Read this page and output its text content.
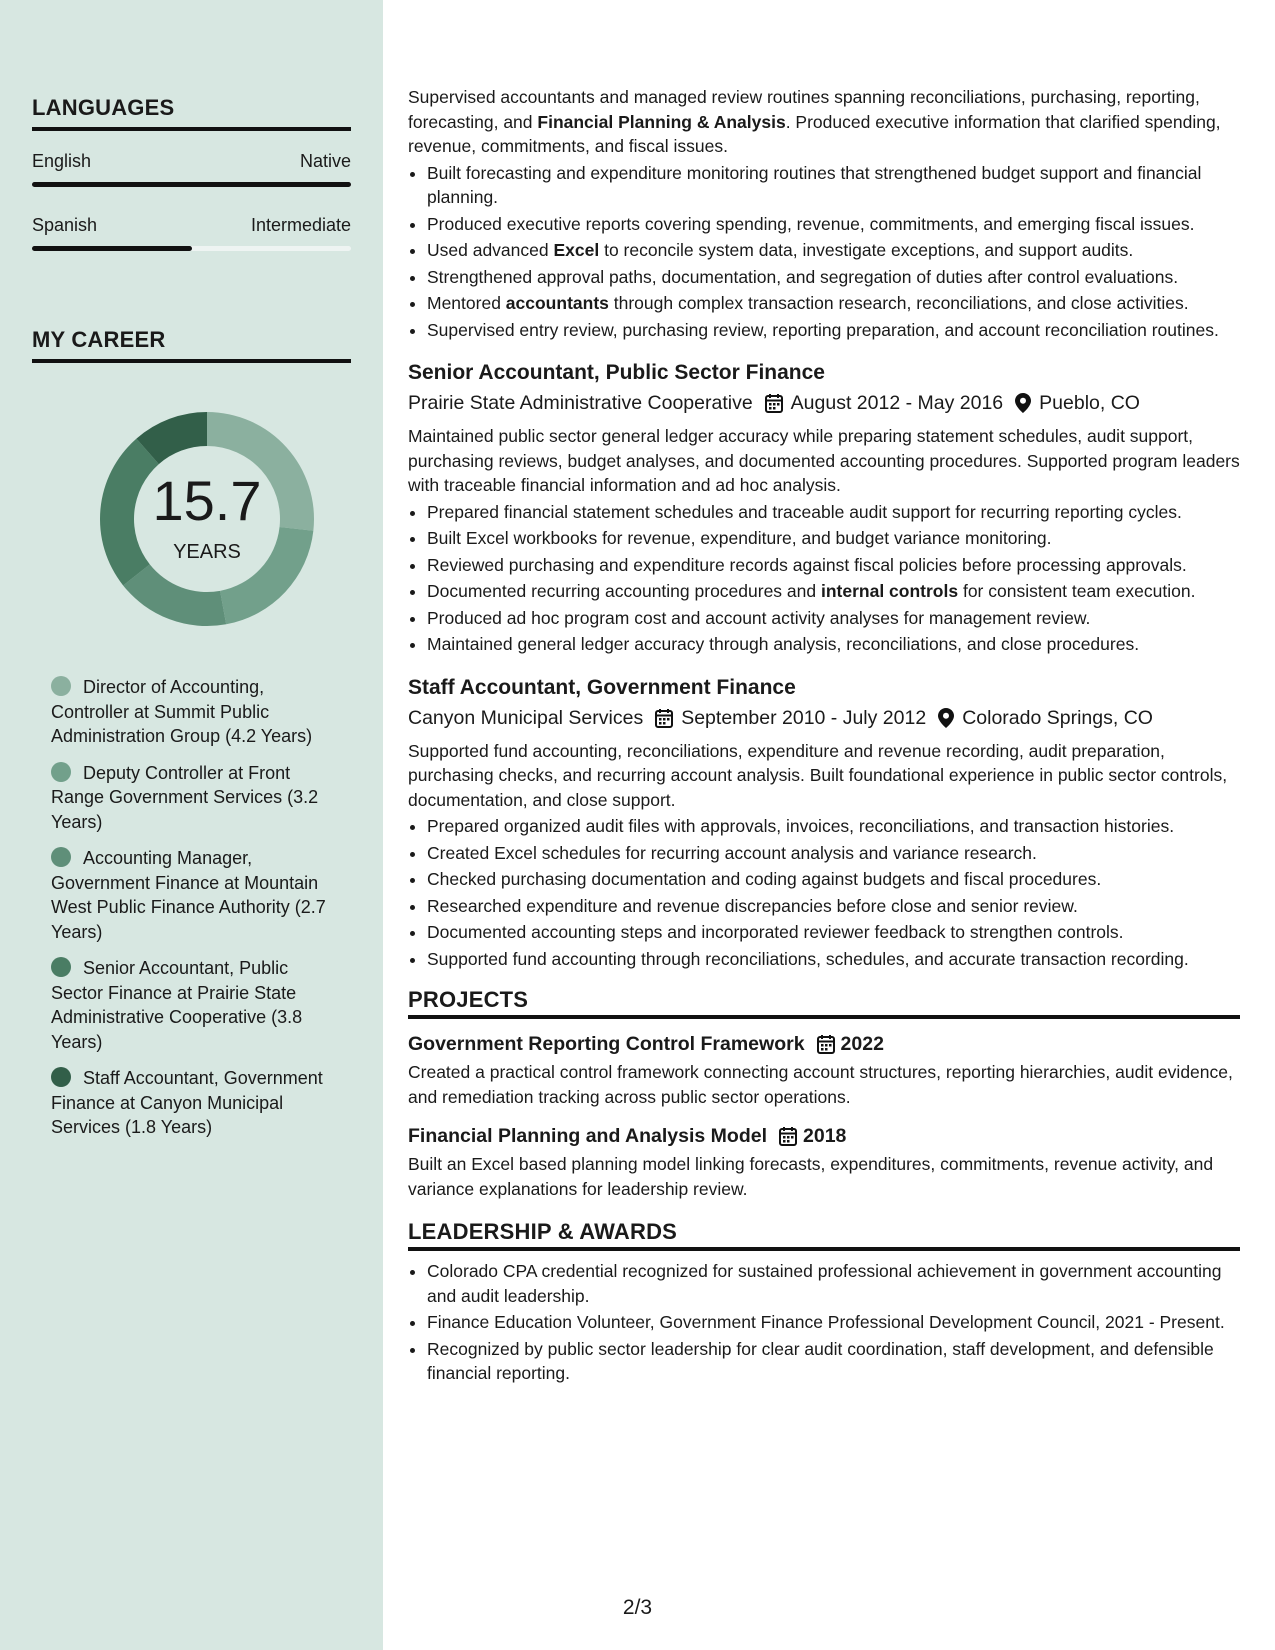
LANGUAGES
English	Native
Spanish	Intermediate
MY CAREER
15.7
YEARS
Director of Accounting, Controller at Summit Public Administration Group (4.2 Years)
Deputy Controller at Front Range Government Services (3.2 Years)
Accounting Manager, Government Finance at Mountain West Public Finance Authority (2.7 Years)
Senior Accountant, Public Sector Finance at Prairie State Administrative Cooperative (3.8 Years)
Staff Accountant, Government Finance at Canyon Municipal Services (1.8 Years)

Supervised accountants and managed review routines spanning reconciliations, purchasing, reporting, forecasting, and Financial Planning & Analysis. Produced executive information that clarified spending, revenue, commitments, and fiscal issues.

• Built forecasting and expenditure monitoring routines that strengthened budget support and financial planning.
• Produced executive reports covering spending, revenue, commitments, and emerging fiscal issues.
• Used advanced Excel to reconcile system data, investigate exceptions, and support audits.
• Strengthened approval paths, documentation, and segregation of duties after control evaluations.
• Mentored accountants through complex transaction research, reconciliations, and close activities.
• Supervised entry review, purchasing review, reporting preparation, and account reconciliation routines.
Senior Accountant, Public Sector Finance
Prairie State Administrative Cooperative August 2012 - May 2016 Pueblo, CO

Maintained public sector general ledger accuracy while preparing statement schedules, audit support, purchasing reviews, budget analyses, and documented accounting procedures. Supported program leaders with traceable financial information and ad hoc analysis.

• Prepared financial statement schedules and traceable audit support for recurring reporting cycles.
• Built Excel workbooks for revenue, expenditure, and budget variance monitoring.
• Reviewed purchasing and expenditure records against fiscal policies before processing approvals.
• Documented recurring accounting procedures and internal controls for consistent team execution.
• Produced ad hoc program cost and account activity analyses for management review.
• Maintained general ledger accuracy through analysis, reconciliations, and close procedures.
Staff Accountant, Government Finance
Canyon Municipal Services September 2010 - July 2012 Colorado Springs, CO

Supported fund accounting, reconciliations, expenditure and revenue recording, audit preparation, purchasing checks, and recurring account analysis. Built foundational experience in public sector controls, documentation, and close support.

• Prepared organized audit files with approvals, invoices, reconciliations, and transaction histories.
• Created Excel schedules for recurring account analysis and variance research.
• Checked purchasing documentation and coding against budgets and fiscal procedures.
• Researched expenditure and revenue discrepancies before close and senior review.
• Documented accounting steps and incorporated reviewer feedback to strengthen controls.
• Supported fund accounting through reconciliations, schedules, and accurate transaction recording.
PROJECTS
Government Reporting Control Framework 2022

Created a practical control framework connecting account structures, reporting hierarchies, audit evidence, and remediation tracking across public sector operations.

Financial Planning and Analysis Model 2018

Built an Excel based planning model linking forecasts, expenditures, commitments, revenue activity, and variance explanations for leadership review.

LEADERSHIP & AWARDS
• Colorado CPA credential recognized for sustained professional achievement in government accounting and audit leadership.
• Finance Education Volunteer, Government Finance Professional Development Council, 2021 - Present.
• Recognized by public sector leadership for clear audit coordination, staff development, and defensible financial reporting.
2/3
